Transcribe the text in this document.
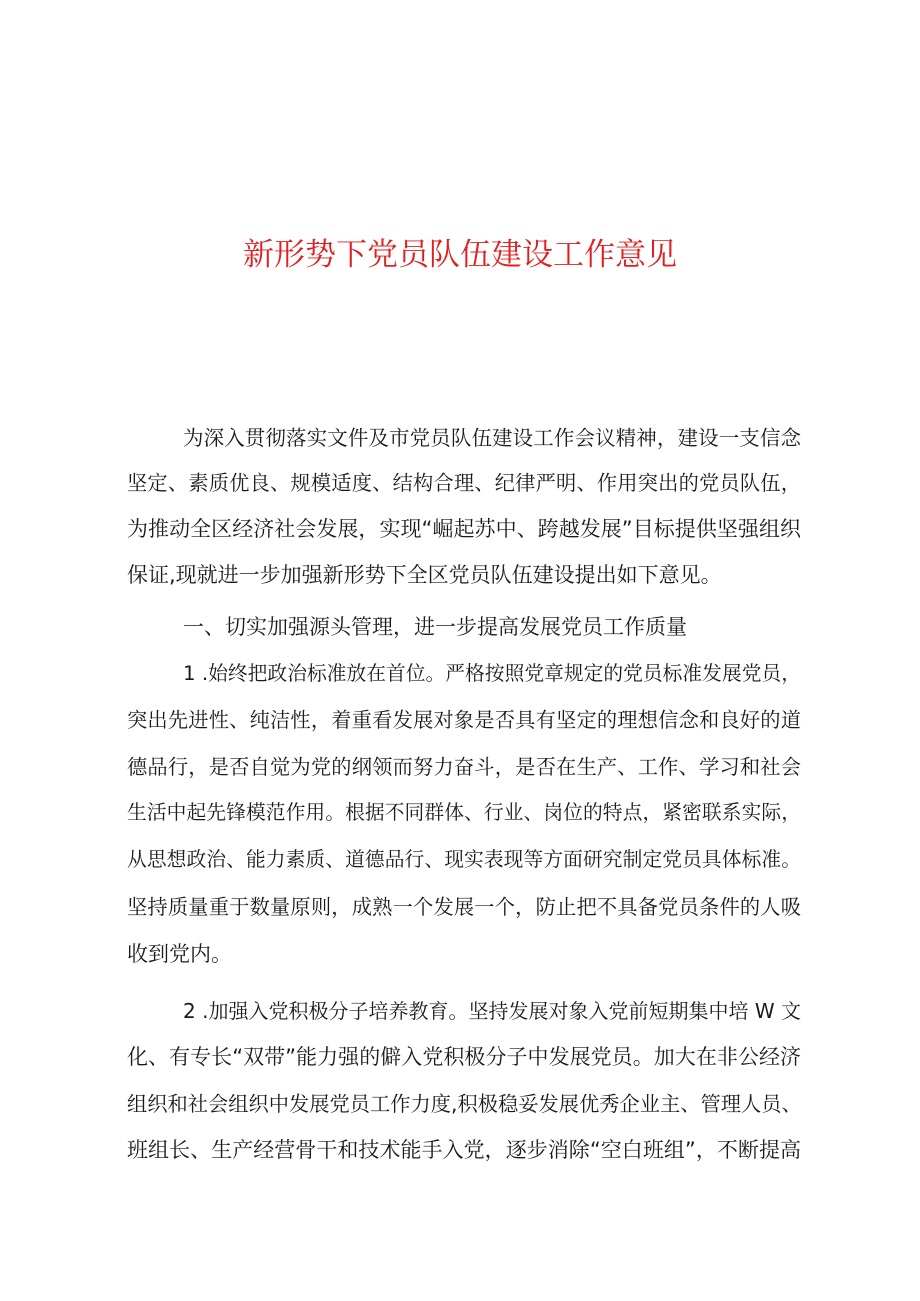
新形势下党员队伍建设工作意见
为深入贯彻落实文件及市党员队伍建设工作会议精神，建设一支信念
坚定、素质优良、规模适度、结构合理、纪律严明、作用突出的党员队伍，
为推动全区经济社会发展，实现“崛起苏中、跨越发展”目标提供坚强组织
保证,现就进一步加强新形势下全区党员队伍建设提出如下意见。
一、切实加强源头管理，进一步提高发展党员工作质量
1 .始终把政治标准放在首位。严格按照党章规定的党员标准发展党员，
突出先进性、纯洁性，着重看发展对象是否具有坚定的理想信念和良好的道
德品行，是否自觉为党的纲领而努力奋斗，是否在生产、工作、学习和社会
生活中起先锋模范作用。根据不同群体、行业、岗位的特点，紧密联系实际，
从思想政治、能力素质、道德品行、现实表现等方面研究制定党员具体标准。
坚持质量重于数量原则，成熟一个发展一个，防止把不具备党员条件的人吸
收到党内。
2 .加强入党积极分子培养教育。坚持发展对象入党前短期集中培 W 文
化、有专长“双带”能力强的僻入党积极分子中发展党员。加大在非公经济
组织和社会组织中发展党员工作力度,积极稳妥发展优秀企业主、管理人员、
班组长、生产经营骨干和技术能手入党，逐步消除“空白班组”，不断提高
